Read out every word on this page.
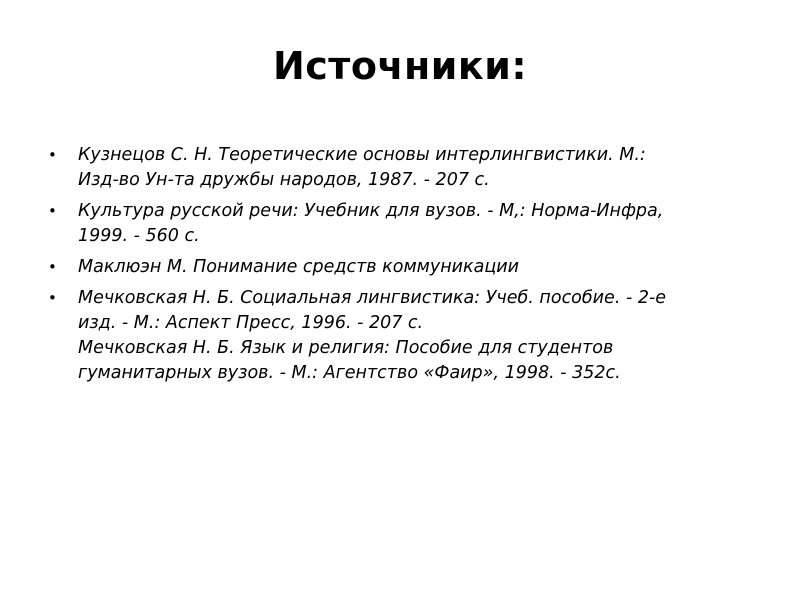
Источники:
•	Кузнецов С. Н. Теоретические основы интерлингвистики. М.:
Изд-во Ун-та дружбы народов, 1987. - 207 с.
•	Культура русской речи: Учебник для вузов. - М,: Норма-Инфра,
1999. - 560 с.
•	Маклюэн М. Понимание средств коммуникации
•	Мечковская Н. Б. Социальная лингвистика: Учеб. пособие. - 2-е
изд. - М.: Аспект Пресс, 1996. - 207 с.
Мечковская Н. Б. Язык и религия: Пособие для студентов
гуманитарных вузов. - М.: Агентство «Фаир», 1998. - 352с.
